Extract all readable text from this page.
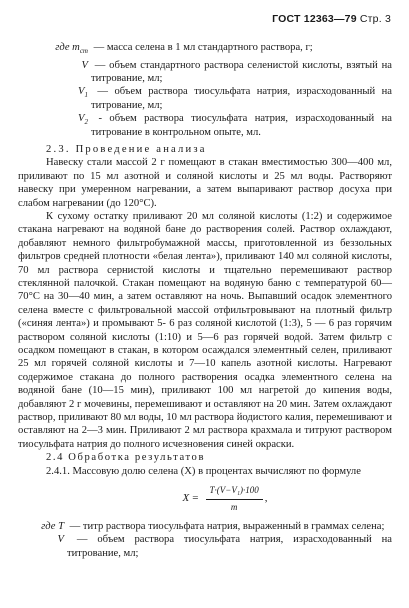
ГОСТ 12363—79 Стр. 3
где $m_{ст}$ — масса селена в 1 мл стандартного раствора, г;
V — объем стандартного раствора селенистой кислоты, взятый на титрование, мл;
$V_1$ — объем раствора тиосульфата натрия, израсходованный на титрование, мл;
$V_2$ - объем раствора тиосульфата натрия, израсходованный на титрование в контрольном опыте, мл.

2.3. Проведение анализа

Навеску стали массой 2 г помещают в стакан вместимостью 300—400 мл, приливают по 15 мл азотной и соляной кислоты и 25 мл воды. Растворяют навеску при умеренном нагревании, а затем выпаривают раствор досуха при слабом нагревании (до 120°С).

К сухому остатку приливают 20 мл соляной кислоты (1:2) и содержимое стакана нагревают на водяной бане до растворения солей. Раствор охлаждают, добавляют немного фильтробумажной массы, приготовленной из беззольных фильтров средней плотности «белая лента»), приливают 140 мл соляной кислоты, 70 мл раствора сернистой кислоты и тщательно перемешивают раствор стеклянной палочкой. Стакан помещают на водяную баню с температурой 60—70°С на 30—40 мин, а затем оставляют на ночь. Выпавший осадок элементного селена вместе с фильтровальной массой отфильтровывают на плотный фильтр («синяя лента») и промывают 5- 6 раз соляной кислотой (1:3), 5 — 6 раз горячим раствором соляной кислоты (1:10) и 5—6 раз горячей водой. Затем фильтр с осадком помещают в стакан, в котором осаждался элементный селен, приливают 25 мл горячей соляной кислоты и 7—10 капель азотной кислоты. Нагревают содержимое стакана до полного растворения осадка элементного селена на водяной бане (10—15 мин), приливают 100 мл нагретой до кипения воды, добавляют 2 г мочевины, перемешивают и оставляют на 20 мин. Затем охлаждают раствор, приливают 80 мл воды, 10 мл раствора йодистого калия, перемешивают и оставляют на 2—3 мин. Приливают 2 мл раствора крахмала и титруют раствором тиосульфата натрия до полного исчезновения синей окраски.

2.4 Обработка результатов

2.4.1. Массовую долю селена (X) в процентах вычисляют по формуле

$X = \frac{\text{T·(V−V₁)·100}}{m}$ ,
где T — титр раствора тиосульфата натрия, выраженный в граммах селена;
V — объем раствора тиосульфата натрия, израсходованный на титрование, мл;
